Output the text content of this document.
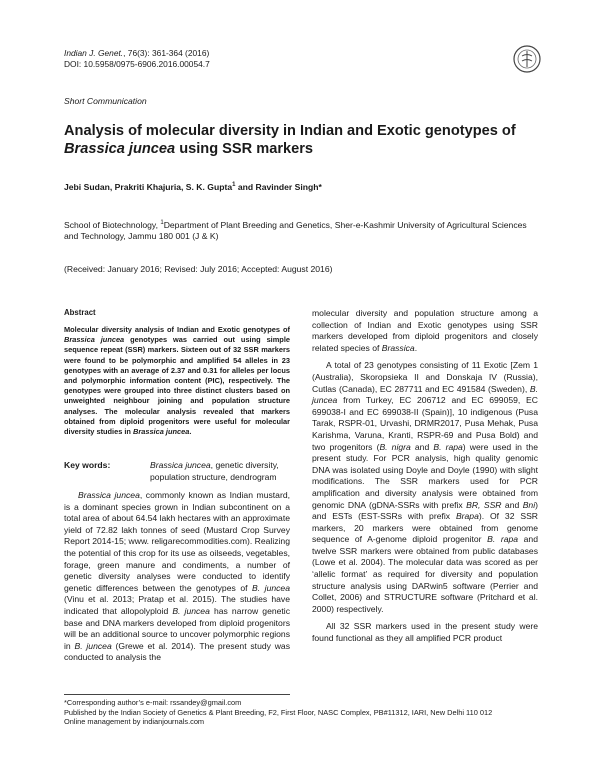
Indian J. Genet., 76(3): 361-364 (2016)
DOI: 10.5958/0975-6906.2016.00054.7
Short Communication
Analysis of molecular diversity in Indian and Exotic genotypes of
Brassica juncea using SSR markers
Jebi Sudan, Prakriti Khajuria, S. K. Gupta$^1$ and Ravinder Singh*
School of Biotechnology, $^1$Department of Plant Breeding and Genetics, Sher-e-Kashmir University of Agricultural Sciences and Technology, Jammu 180 001 (J & K)
(Received: January 2016; Revised: July 2016; Accepted: August 2016)
Abstract
Molecular diversity analysis of Indian and Exotic genotypes of Brassica juncea genotypes was carried out using simple sequence repeat (SSR) markers. Sixteen out of 32 SSR markers were found to be polymorphic and amplified 54 alleles in 23 genotypes with an average of 2.37 and 0.31 for alleles per locus and polymorphic information content (PIC), respectively. The genotypes were grouped into three distinct clusters based on unweighted neighbour joining and population structure analyses. The molecular analysis revealed that markers obtained from diploid progenitors were useful for molecular diversity studies in Brassica juncea.
Key words:	Brassica juncea, genetic diversity, population structure, dendrogram

Brassica juncea, commonly known as Indian mustard, is a dominant species grown in Indian subcontinent on a total area of about 64.54 lakh hectares with an approximate yield of 72.82 lakh tonnes of seed (Mustard Crop Survey Report 2014-15; www. religarecommodities.com). Realizing the potential of this crop for its use as oilseeds, vegetables, forage, green manure and condiments, a number of genetic diversity analyses were conducted to identify genetic differences between the genotypes of B. juncea (Vinu et al. 2013; Pratap et al. 2015). The studies have indicated that allopolyploid B. juncea has narrow genetic base and DNA markers developed from diploid progenitors will be an additional source to uncover polymorphic regions in B. juncea (Grewe et al. 2014). The present study was conducted to analysis the

molecular diversity and population structure among a collection of Indian and Exotic genotypes using SSR markers developed from diploid progenitors and closely related species of Brassica.

A total of 23 genotypes consisting of 11 Exotic [Zem 1 (Australia), Skoropsiekа II and Donskaja IV (Russia), Cutlas (Canada), EC 287711 and EC 491584 (Sweden), B. juncea from Turkey, EC 206712 and EC 699059, EC 699038-I and EC 699038-II (Spain)], 10 indigenous (Pusa Tarak, RSPR-01, Urvashi, DRMR2017, Pusa Mehak, Pusa Karishma, Varuna, Kranti, RSPR-69 and Pusa Bold) and two progenitors (B. nigra and B. rapa) were used in the present study. For PCR analysis, high quality genomic DNA was isolated using Doyle and Doyle (1990) with slight modifications. The SSR markers used for PCR amplification and diversity analysis were obtained from genomic DNA (gDNA-SSRs with prefix BR, SSR and Bni) and ESTs (EST-SSRs with prefix Brapa). Of 32 SSR markers, 20 markers were obtained from genome sequence of A-genome diploid progenitor B. rapa and twelve SSR markers were obtained from public databases (Lowe et al. 2004). The molecular data was scored as per ‘allelic format’ as required for diversity and population structure analysis using DARwin5 software (Perrier and Collet, 2006) and STRUCTURE software (Pritchard et al. 2000) respectively.

All 32 SSR markers used in the present study were found functional as they all amplified PCR product

*Corresponding author’s e-mail: rssandey@gmail.com
Published by the Indian Society of Genetics & Plant Breeding, F2, First Floor, NASC Complex, PB#11312, IARI, New Delhi 110 012
Online management by indianjournals.com
